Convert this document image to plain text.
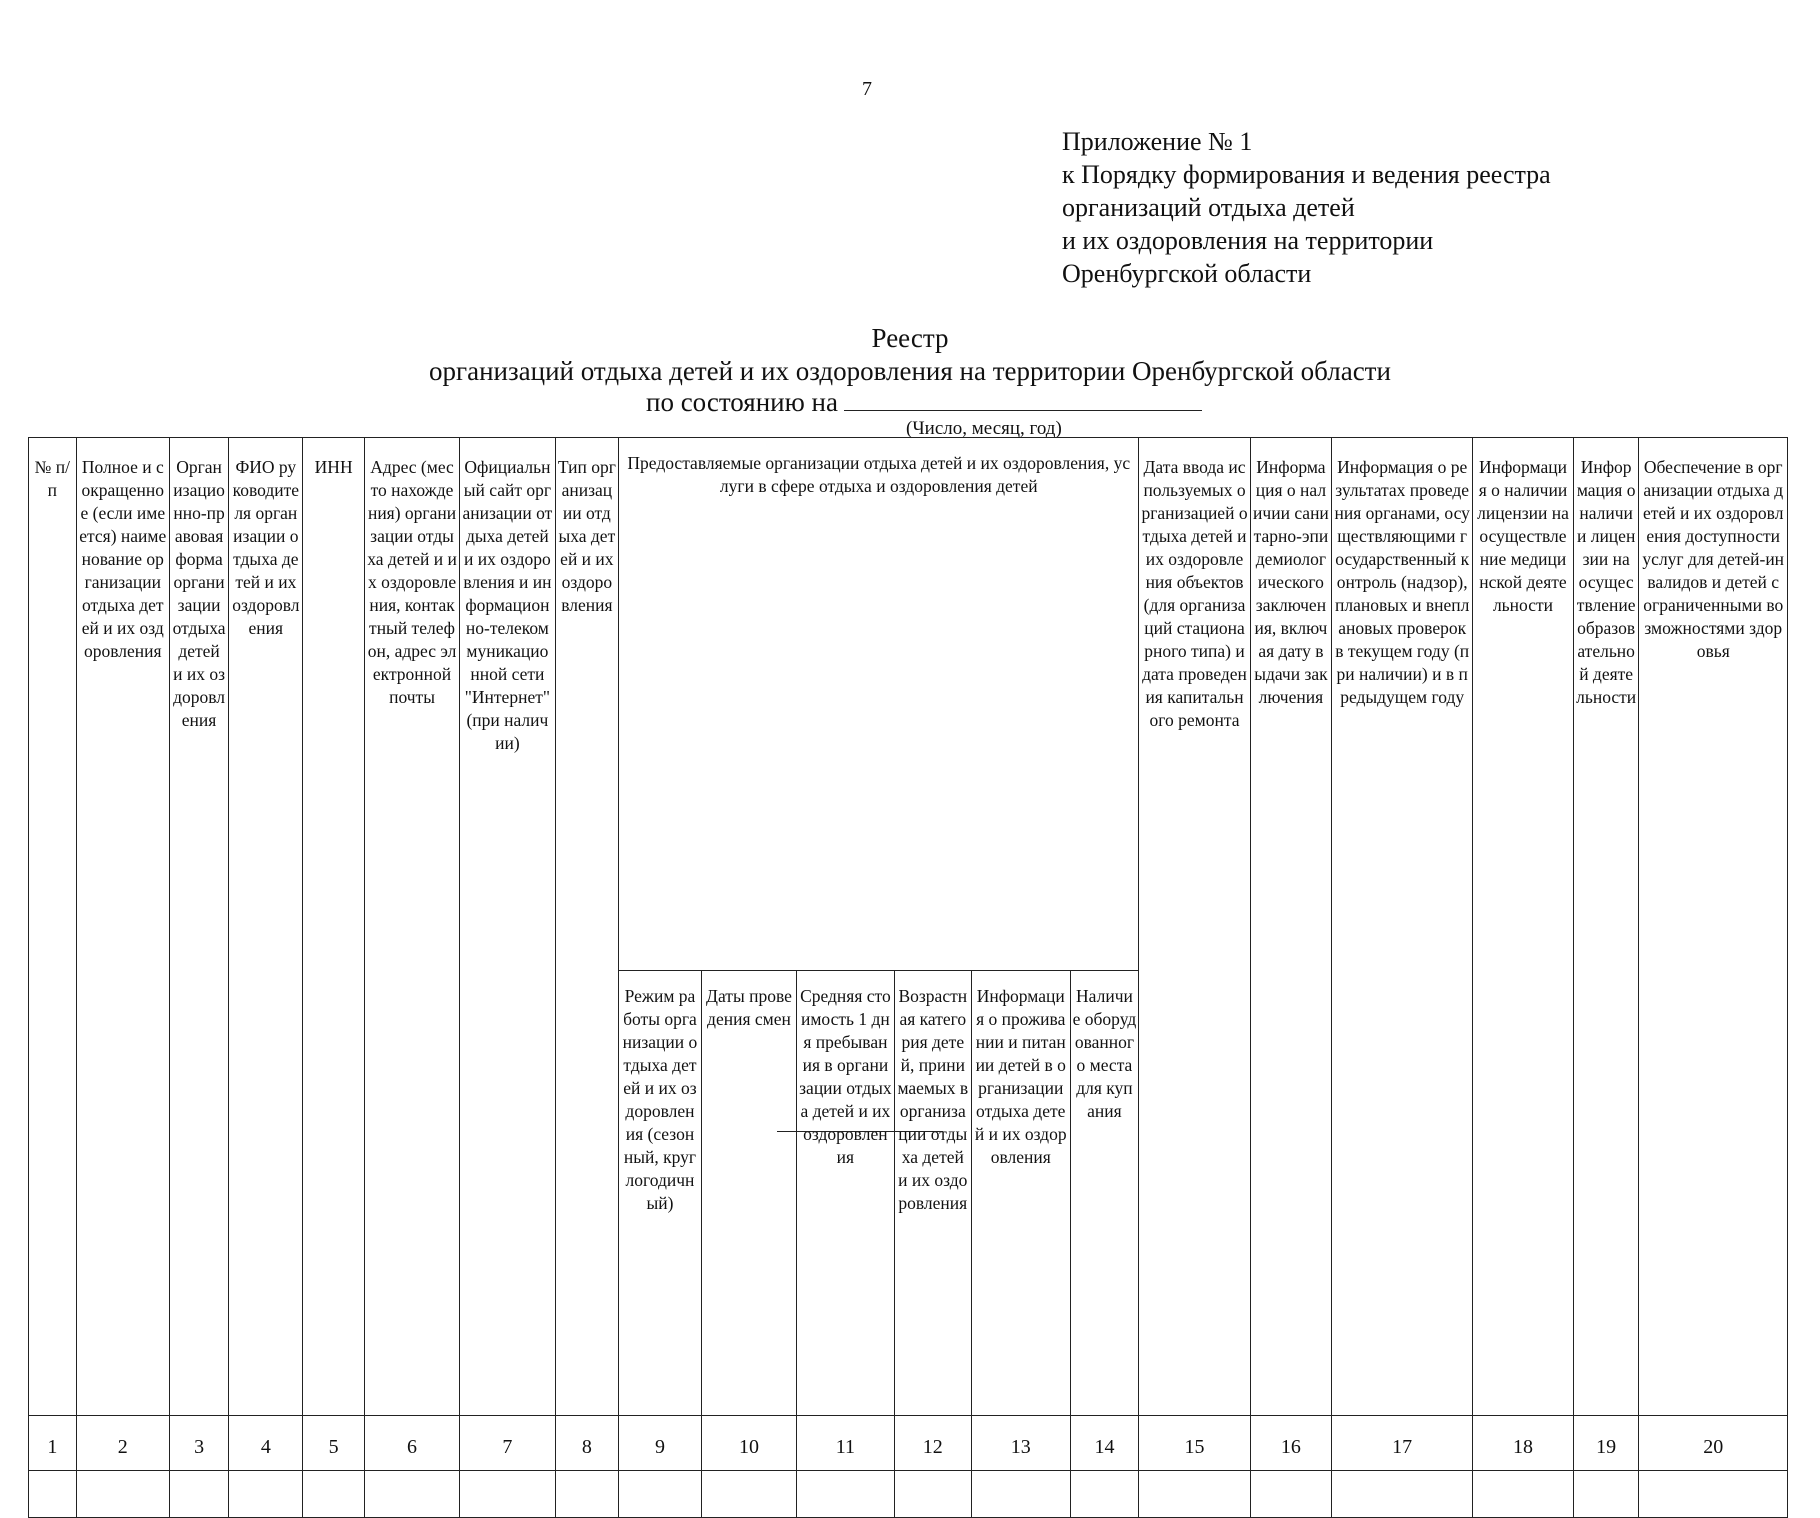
7
Приложение № 1
к Порядку формирования и ведения реестра
организаций отдыха детей
и их оздоровления на территории
Оренбургской области
Реестр
организаций отдыха детей и их оздоровления на территории Оренбургской области
по состоянию на
(Число, месяц, год)
№ п/п	Полное и сокращенное (если имеется) наименование организации отдыха детей и их оздоровления	Организационно-правовая форма организации отдыха детей и их оздоровления	ФИО руководителя организации отдыха детей и их оздоровления	ИНН	Адрес (место нахождения) организации отдыха детей и их оздоровления, контактный телефон, адрес электронной почты	Официальный сайт организации отдыха детей и их оздоровления и информационно-телекоммуникационной сети "Интернет" (при наличии)	Тип организации отдыха детей и их оздоровления	Предоставляемые организации отдыха детей и их оздоровления, услуги в сфере отдыха и оздоровления детей						Дата ввода используемых организацией отдыха детей и их оздоровления объектов (для организаций стационарного типа) и дата проведения капитального ремонта	Информация о наличии санитарно-эпидемиологического заключения, включая дату выдачи заключения	Информация о результатах проведения органами, осуществляющими государственный контроль (надзор), плановых и внеплановых проверок в текущем году (при наличии) и в предыдущем году	Информация о наличии лицензии на осуществление медицинской деятельности	Информация о наличии лицензии на осуществление образовательной деятельности	Обеспечение в организации отдыха детей и их оздоровления доступности услуг для детей-инвалидов и детей с ограниченными возможностями здоровья
								Режим работы организации отдыха детей и их оздоровления (сезонный, круглогодичный)	Даты проведения смен	Средняя стоимость 1 дня пребывания в организации отдыха детей и их оздоровления	Возрастная категория детей, принимаемых в организации отдыха детей и их оздоровления	Информация о проживании и питании детей в организации отдыха детей и их оздоровления	Наличие оборудованного места для купания						
1	2	3	4	5	6	7	8	9	10	11	12	13	14	15	16	17	18	19	20
